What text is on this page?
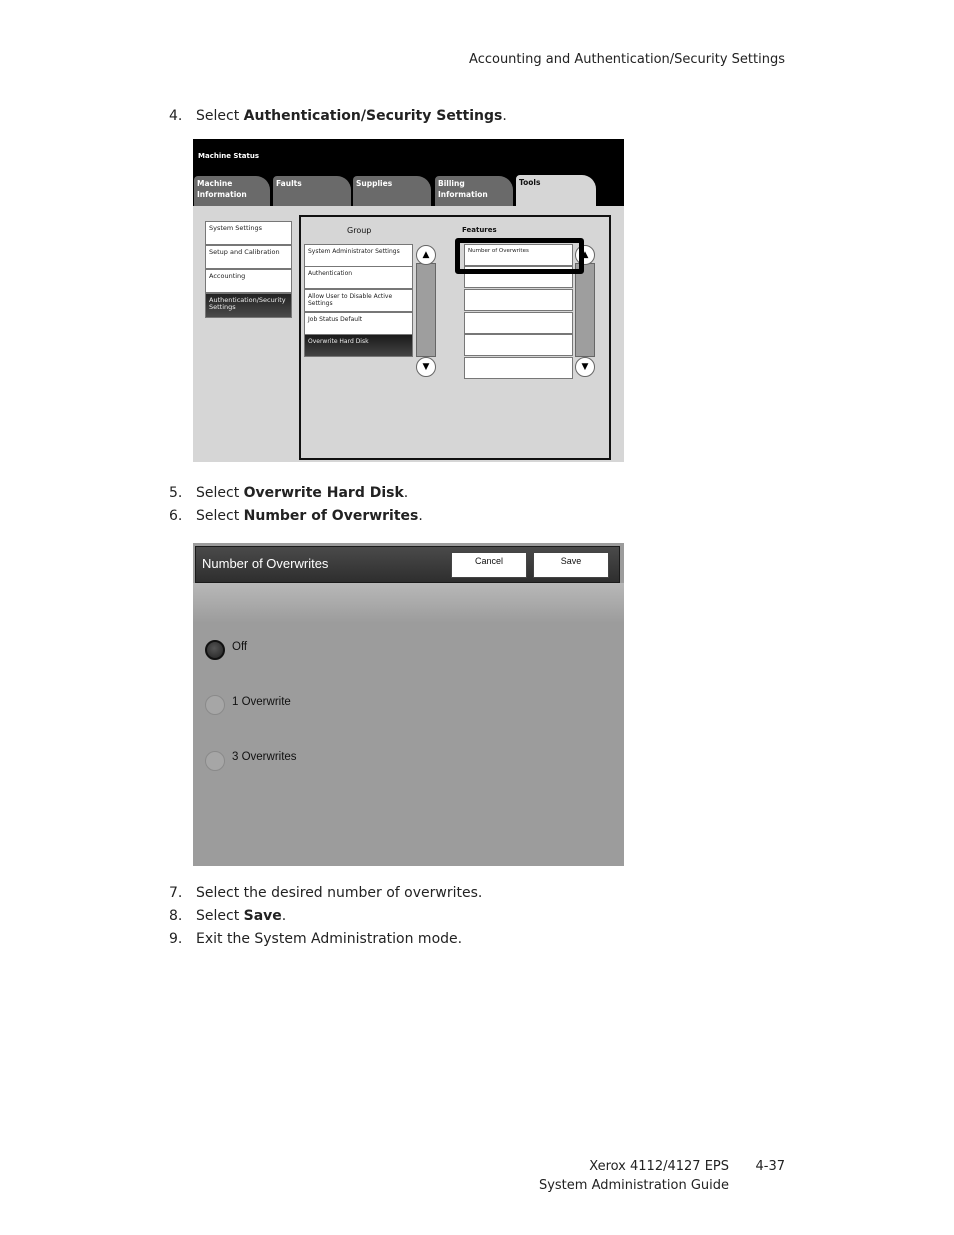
Accounting and Authentication/Security Settings
4. Select Authentication/Security Settings.
Machine Status
Machine
Information
Faults	Supplies	Billing
Information
Tools
System Settings
Setup and Calibration
Accounting
Authentication/Security Settings
Group	Features
System Administrator Settings
Authentication
Allow User to Disable Active Settings
Job Status Default
Overwrite Hard Disk
▲
▼
Number of Overwrites	▲
▼
5. Select Overwrite Hard Disk.
6. Select Number of Overwrites.
Number of Overwrites	Cancel	Save
Off
1 Overwrite
3 Overwrites
7. Select the desired number of overwrites.
8. Select Save.
9. Exit the System Administration mode.
Xerox 4112/4127 EPS 4-37
System Administration Guide
